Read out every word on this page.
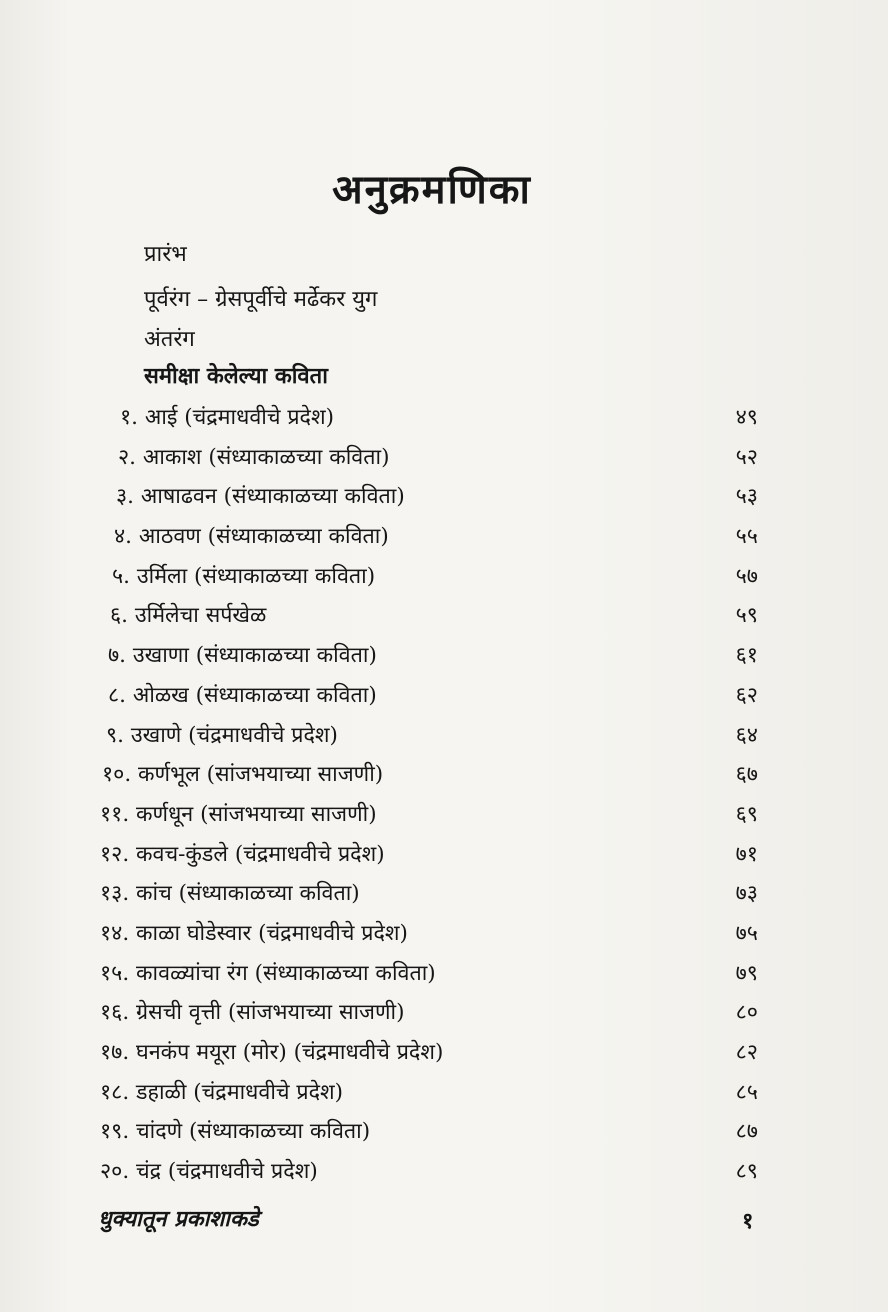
अनुक्रमणिका
प्रारंभ
पूर्वरंग – ग्रेसपूर्वीचे मर्ढेकर युग
अंतरंग
समीक्षा केलेल्या कविता
१. आई (चंद्रमाधवीचे प्रदेश)	४९
२. आकाश (संध्याकाळच्या कविता)	५२
३. आषाढवन (संध्याकाळच्या कविता)	५३
४. आठवण (संध्याकाळच्या कविता)	५५
५. उर्मिला (संध्याकाळच्या कविता)	५७
६. उर्मिलेचा सर्पखेळ	५९
७. उखाणा (संध्याकाळच्या कविता)	६१
८. ओळख (संध्याकाळच्या कविता)	६२
९. उखाणे (चंद्रमाधवीचे प्रदेश)	६४
१०. कर्णभूल (सांजभयाच्या साजणी)	६७
११. कर्णधून (सांजभयाच्या साजणी)	६९
१२. कवच-कुंडले (चंद्रमाधवीचे प्रदेश)	७१
१३. कांच (संध्याकाळच्या कविता)	७३
१४. काळा घोडेस्वार (चंद्रमाधवीचे प्रदेश)	७५
१५. कावळ्यांचा रंग (संध्याकाळच्या कविता)	७९
१६. ग्रेसची वृत्ती (सांजभयाच्या साजणी)	८०
१७. घनकंप मयूरा (मोर) (चंद्रमाधवीचे प्रदेश)	८२
१८. डहाळी (चंद्रमाधवीचे प्रदेश)	८५
१९. चांदणे (संध्याकाळच्या कविता)	८७
२०. चंद्र (चंद्रमाधवीचे प्रदेश)	८९
धुक्यातून प्रकाशाकडे	१
